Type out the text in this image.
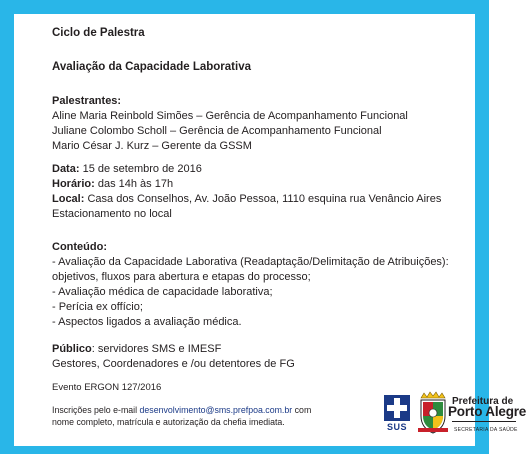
Ciclo de Palestra

Avaliação da Capacidade Laborativa

Palestrantes:
Aline Maria Reinbold Simões – Gerência de Acompanhamento Funcional
Juliane Colombo Scholl – Gerência de Acompanhamento Funcional
Mario César J. Kurz – Gerente da GSSM
Data: 15 de setembro de 2016
Horário: das 14h às 17h
Local: Casa dos Conselhos, Av. João Pessoa, 1110 esquina rua Venâncio Aires
Estacionamento no local
Conteúdo:
- Avaliação da Capacidade Laborativa (Readaptação/Delimitação de Atribuições):
objetivos, fluxos para abertura e etapas do processo;
- Avaliação médica de capacidade laborativa;
- Perícia ex offício;
- Aspectos ligados a avaliação médica.
Público: servidores SMS e IMESF
Gestores, Coordenadores e /ou detentores de FG
Evento ERGON 127/2016
Inscrições pelo e-mail desenvolvimento@sms.prefpoa.com.br com nome completo, matrícula e autorização da chefia imediata.	SUS
Prefeitura de
Porto Alegre
SECRETARIA DA SAÚDE
